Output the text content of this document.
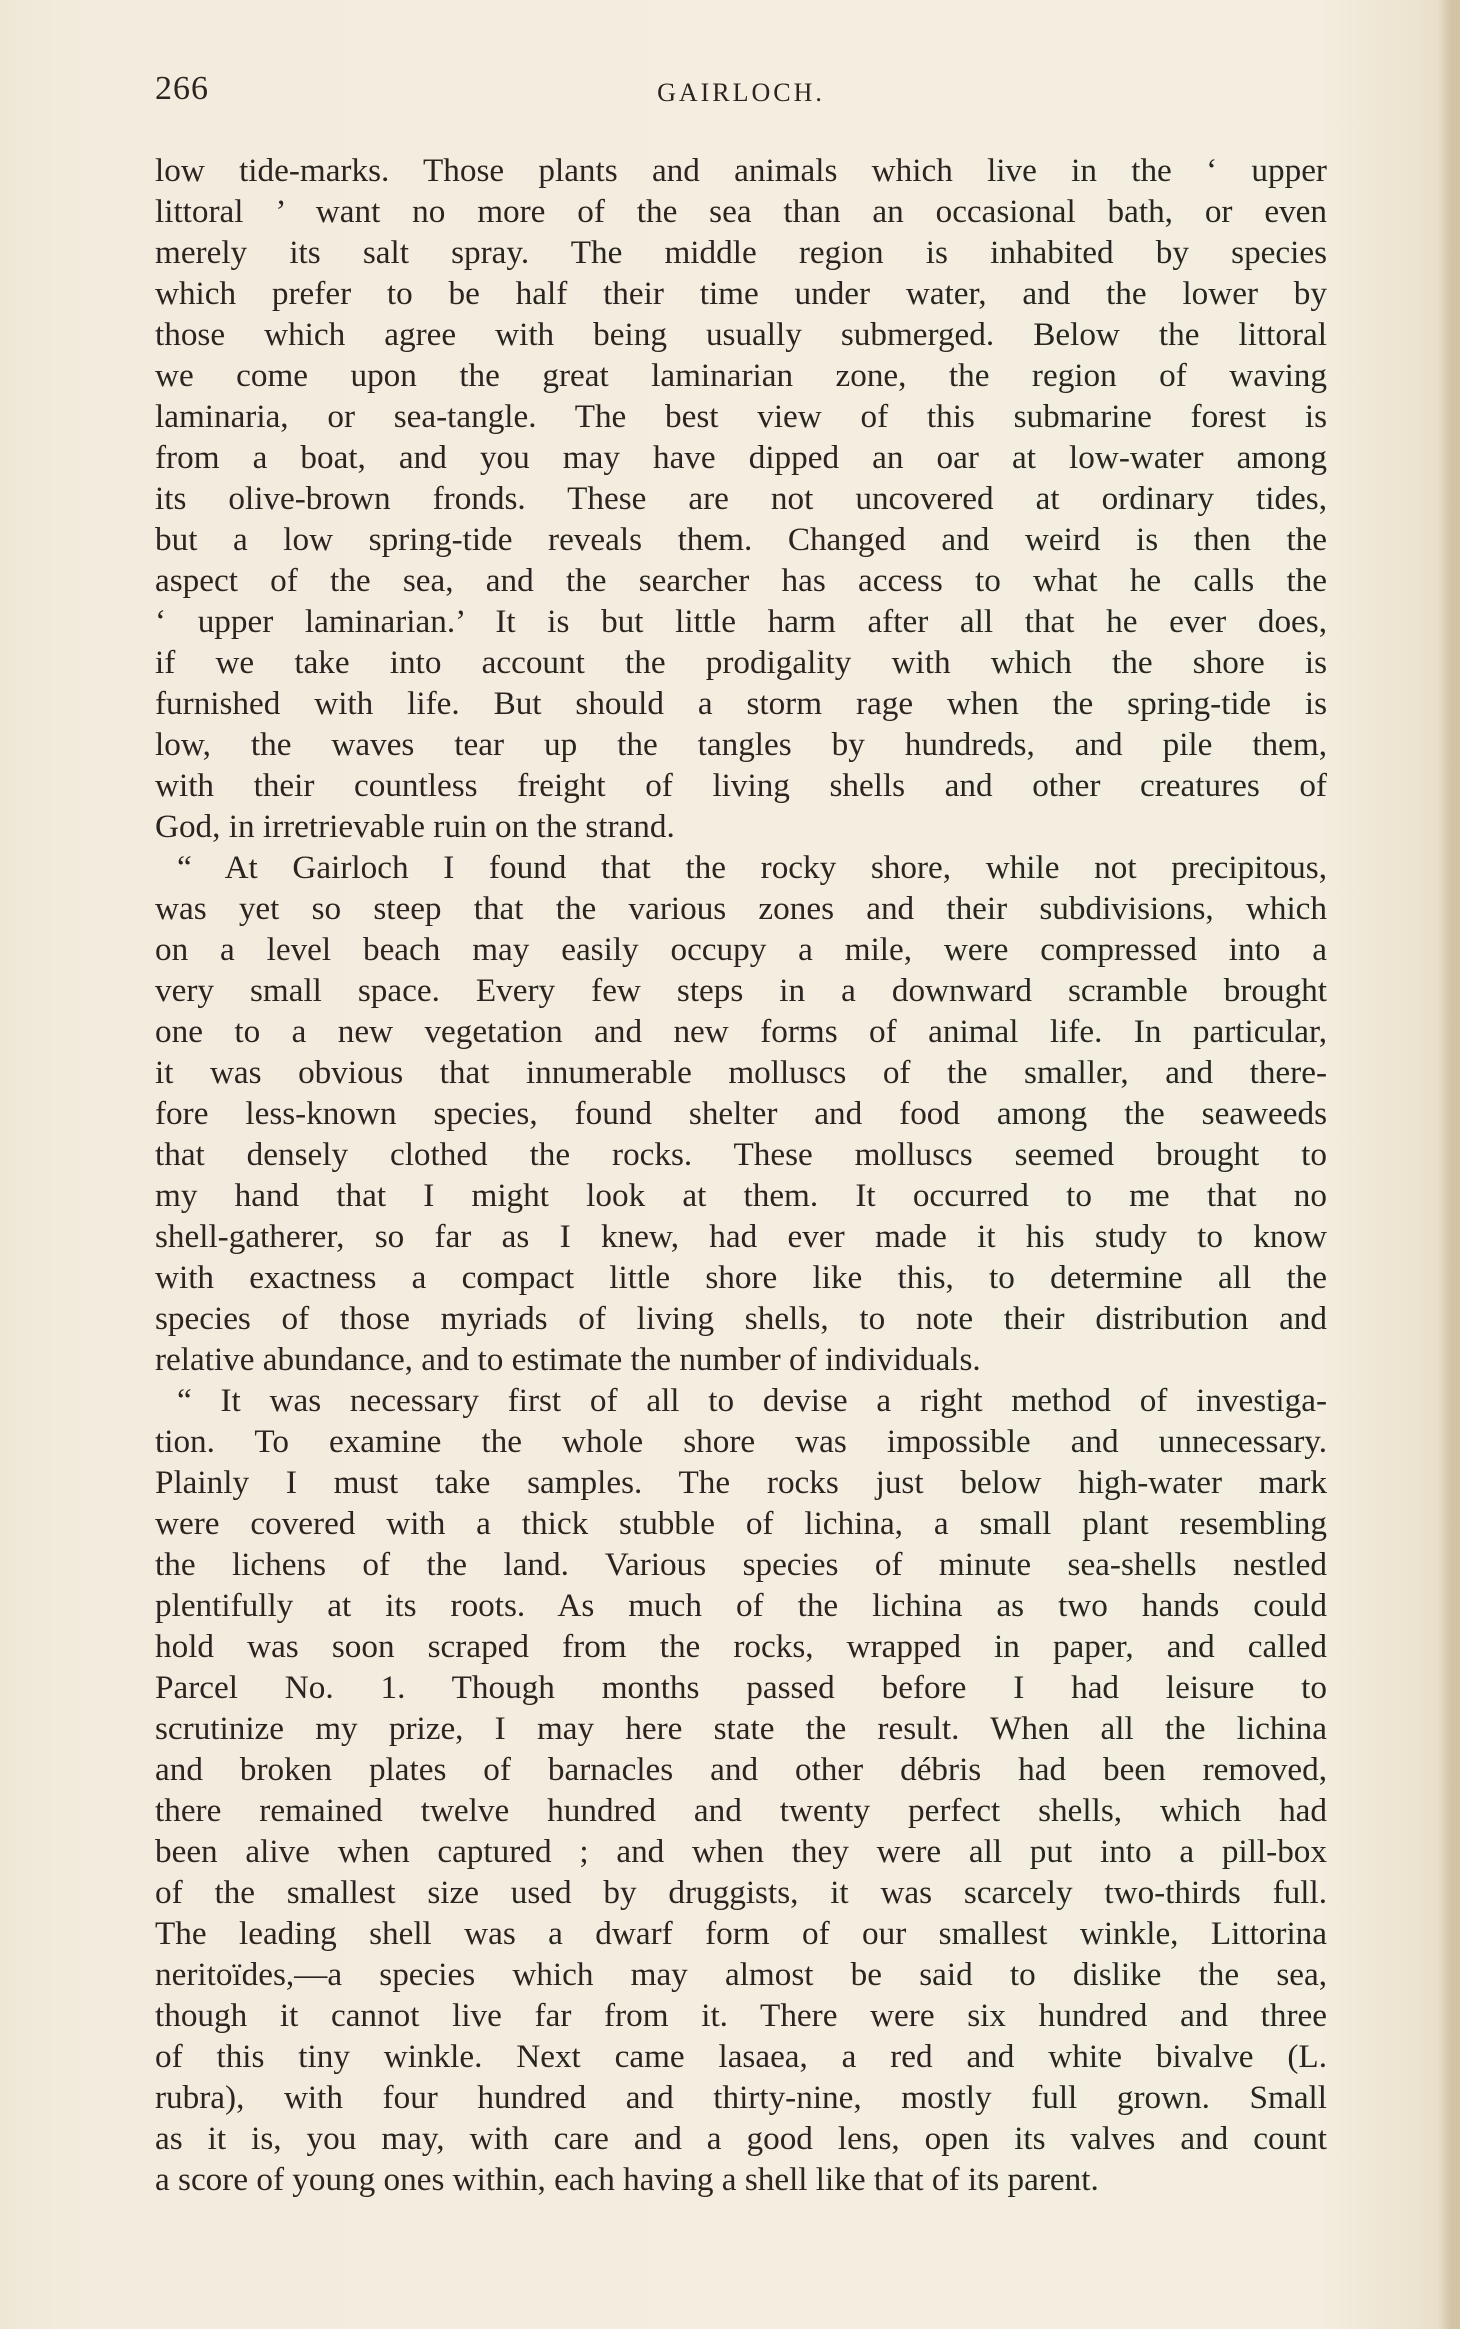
266	GAIRLOCH.
low tide-marks. Those plants and animals which live in the ‘ upper
littoral ’ want no more of the sea than an occasional bath, or even
merely its salt spray. The middle region is inhabited by species
which prefer to be half their time under water, and the lower by
those which agree with being usually submerged. Below the littoral
we come upon the great laminarian zone, the region of waving
laminaria, or sea-tangle. The best view of this submarine forest is
from a boat, and you may have dipped an oar at low-water among
its olive-brown fronds. These are not uncovered at ordinary tides,
but a low spring-tide reveals them. Changed and weird is then the
aspect of the sea, and the searcher has access to what he calls the
‘ upper laminarian.’ It is but little harm after all that he ever does,
if we take into account the prodigality with which the shore is
furnished with life. But should a storm rage when the spring-tide is
low, the waves tear up the tangles by hundreds, and pile them,
with their countless freight of living shells and other creatures of
God, in irretrievable ruin on the strand.
“ At Gairloch I found that the rocky shore, while not precipitous,
was yet so steep that the various zones and their subdivisions, which
on a level beach may easily occupy a mile, were compressed into a
very small space. Every few steps in a downward scramble brought
one to a new vegetation and new forms of animal life. In particular,
it was obvious that innumerable molluscs of the smaller, and there-
fore less-known species, found shelter and food among the seaweeds
that densely clothed the rocks. These molluscs seemed brought to
my hand that I might look at them. It occurred to me that no
shell-gatherer, so far as I knew, had ever made it his study to know
with exactness a compact little shore like this, to determine all the
species of those myriads of living shells, to note their distribution and
relative abundance, and to estimate the number of individuals.
“ It was necessary first of all to devise a right method of investiga-
tion. To examine the whole shore was impossible and unnecessary.
Plainly I must take samples. The rocks just below high-water mark
were covered with a thick stubble of lichina, a small plant resembling
the lichens of the land. Various species of minute sea-shells nestled
plentifully at its roots. As much of the lichina as two hands could
hold was soon scraped from the rocks, wrapped in paper, and called
Parcel No. 1. Though months passed before I had leisure to
scrutinize my prize, I may here state the result. When all the lichina
and broken plates of barnacles and other débris had been removed,
there remained twelve hundred and twenty perfect shells, which had
been alive when captured ; and when they were all put into a pill-box
of the smallest size used by druggists, it was scarcely two-thirds full.
The leading shell was a dwarf form of our smallest winkle, Littorina
neritoïdes,—a species which may almost be said to dislike the sea,
though it cannot live far from it. There were six hundred and three
of this tiny winkle. Next came lasaea, a red and white bivalve (L.
rubra), with four hundred and thirty-nine, mostly full grown. Small
as it is, you may, with care and a good lens, open its valves and count
a score of young ones within, each having a shell like that of its parent.
